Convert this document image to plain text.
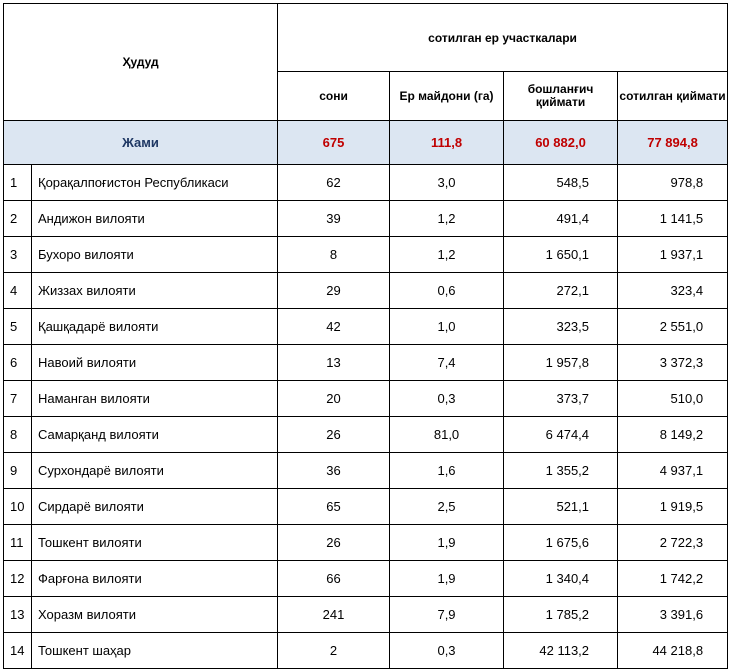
Ҳудуд		сотилган ер участкалари			
		сони	Ер майдони (га)	бошланғич қиймати	сотилган қиймати
Жами		675	111,8	60 882,0	77 894,8
1	Қорақалпоғистон Республикаси	62	3,0	548,5	978,8
2	Андижон вилояти	39	1,2	491,4	1 141,5
3	Бухоро вилояти	8	1,2	1 650,1	1 937,1
4	Жиззах вилояти	29	0,6	272,1	323,4
5	Қашқадарё вилояти	42	1,0	323,5	2 551,0
6	Навоий вилояти	13	7,4	1 957,8	3 372,3
7	Наманган вилояти	20	0,3	373,7	510,0
8	Самарқанд вилояти	26	81,0	6 474,4	8 149,2
9	Сурхондарё вилояти	36	1,6	1 355,2	4 937,1
10	Сирдарё вилояти	65	2,5	521,1	1 919,5
11	Тошкент вилояти	26	1,9	1 675,6	2 722,3
12	Фарғона вилояти	66	1,9	1 340,4	1 742,2
13	Хоразм вилояти	241	7,9	1 785,2	3 391,6
14	Тошкент шаҳар	2	0,3	42 113,2	44 218,8
